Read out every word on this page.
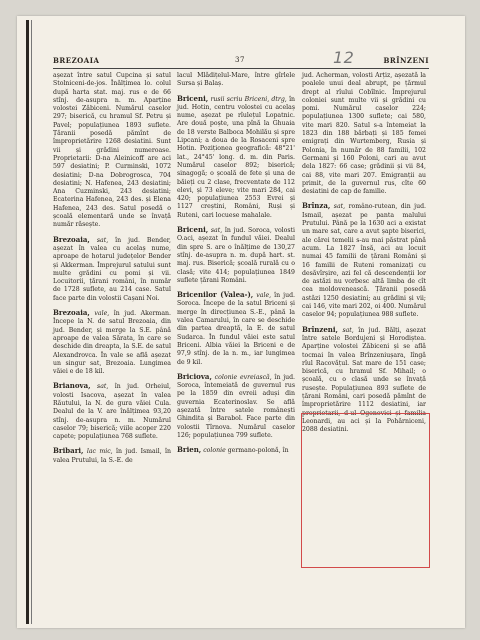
BREZOAIA	37	12	BRÎNZENI

așezat între satul Cupcina și satul Stolniceni-de-jos. Înălțimea lo. colul după harta stat. maj. rus e de 66 stînj. de-asupra n. m. Aparține volostei Zăbiceni. Numărul caselor 297; biserică, cu hramul Sf. Petru și Pavel; populațiunea 1893 suflete. Țăranii posedă pămînt de împroprietărire 1268 desiatini. Sunt vii și grădini numeroase. Proprietarii: D-na Aleinicoff are aci 597 desiatini; P. Curminski, 1072 desiatini; D-na Dobrogrosca, 704 desiatini; N. Hafenea, 243 desiatini; Ana Cuzminski, 243 desiatini; Ecaterina Hafenea, 243 des. și Elena Hafenea, 243 des. Satul posedă o școală elementară unde se învață număr răsește.

Brezoaia, sat, în jud. Bender, așezat în valea cu acelaș nume, aproape de hotarul județelor Bender și Akkerman. Împrejurul satului sunt multe grădini cu pomi și vii. Locuitorii, țărani români, în număr de 1728 suflete, au 214 case. Satul face parte din volostii Cașani Noi.

Brezoaia, vale, în jud. Akerman. Începe la N. de satul Brezoaia, din jud. Bender, și merge la S.E. până aproape de valea Sărata, în care se deschide din dreapta, la S.E. de satul Alexandrovca. În vale se află așezat un singur sat, Brezoaia. Lungimea văiei e de 18 kil.

Brianova, sat, în jud. Orheiul, volosti Isacova, așezat în valea Răutului, la N. de gura văiei Cula. Dealul de la V. are înălțimea 93,20 stînj. de-asupra n. m. Numărul caselor 79; biserică; viile acoper 220 capete; populațiunea 768 suflete.

Bribari, lac mic, în jud. Ismail, în valea Prutului, la S.-E. de

lacul Mlădițelul-Mare, între gîrlele Sursa și Balaș.

Briceni, rusii scriu Briceni, dtrg, în jud. Hotin, centru volostei cu acelaș nume, așezat pe rîulețul Lopatnic. Are două poște, una pînă la Ghuaia de 18 verste Balboca Mohilău și spre Lipcani; a doua de la Rosaceni spre Hotin. Poziționea geografică: 48°21' lat., 24°45' long. d. m. din Paris. Numărul caselor 892; biserică; sinagogă; o școală de fete și una de băieți cu 2 clase, frecventate de 112 elevi, și 73 eleve; vite mari 284, cai 420; populațiunea 2553 Evrei și 1127 creștini, Români, Ruși și Ruteni, cari locuese mahalale.

Briceni, sat, în jud. Soroca, volosti O.aci, așezat în fundul văiei. Dealul din spre S. are o înălțime de 130,27 stînj. de-asupra n. m. după hart. st. maj. rus. Biserică; școală rurală cu o clasă; vite 414; populațiunea 1849 suflete țărani Români.

Bricenilor (Valea-), vale, în jud. Soroca. Începe de la satul Briceni și merge în direcțiunea S.-E., până la valea Camarului, în care se deschide din partea dreaptă, la E. de satul Sudarca. În fundul văiei este satul Briceni. Albia văiei la Briceni e de 97,9 stînj. de la n. m., iar lungimea de 9 kil.

Briciova, colonie evreiască, în jud. Soroca, întemeiată de guvernul rus pe la 1859 din evreii aduși din guvernia Ecaterinoslav. Se află așezată între satele românești Ghindita și Barabol. Face parte din volostii Tîrnova. Numărul caselor 126; populațiunea 799 suflete.

Brien, colonie germano-polonă, în

jud. Acherman, volosti Arțiz, așezată la poalele unui deal abrupt, pe țărmul drept al rîului Cobîlnic. Împrejurul coloniei sunt multe vii și grădini cu pomi. Numărul caselor 224; populațiunea 1300 suflete; cai 580, vite mari 820. Satul s-a întemeiat la 1823 din 188 bărbați și 185 femei emigrați din Wurtemberg, Rusia și Polonia, în număr de 88 familii, 102 Germani și 160 Poloni, cari au avut dela 1827: 66 case; grădinii și vii 84, cai 88, vite mari 207. Emigranții au primit, de la guvernul rus, cîte 60 desiatini de cap de familie.

Brînza, sat, româno-rutean, din jud. Ismail, așezat pe panta malului Prutului. Până pe la 1630 aci a existat un mare sat, care a avut șapte biserici, ale cărei temelii s-au mai păstrat până acum. La 1827 însă, aci au locuit numai 45 familii de țărani Români și 16 familii de Ruteni romanizați cu desăvîrșire, azi fel că descendenții lor de astăzi nu vorbesc altă limba de cît cea moldovenească. Țăranii posedă astăzi 1250 desiatini; au grădini și vii; cai 146, vite mari 202, oi 400. Numărul caselor 94; populațiunea 988 suflete.

Brînzeni, sat, în jud. Bălți, așezat între satele Bordujeni și Horodiștea. Aparține volostei Zăbiceni și se află tocmai în valea Brînzeniușara, lîngă rîul Racovățul. Sat mare de 151 case; biserică, cu hramul Sf. Mihail; o școală, cu o clasă unde se învață rusește. Populațiunea 893 suflete de țărani Români, cari posedă pămînt de împroprietărire 1112 desiatini, iar proprietarii, d-ul Ogonovici și familia Leonardi, au aci și la Pohărniceni, 2088 desiatini.
